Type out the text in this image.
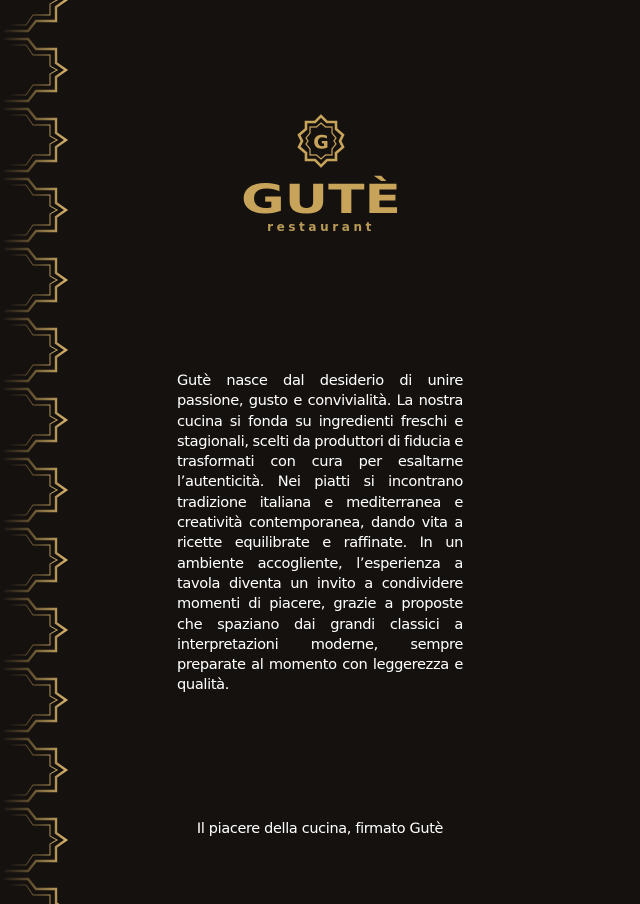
G
GUTÈ
restaurant

Gutè nasce dal desiderio di unire passione, gusto e convivialità. La nostra cucina si fonda su ingredienti freschi e stagionali, scelti da produttori di fiducia e trasformati con cura per esaltarne l’autenticità. Nei piatti si incontrano tradizione italiana e mediterranea e creatività contemporanea, dando vita a ricette equilibrate e raffinate. In un ambiente accogliente, l’esperienza a tavola diventa un invito a condividere momenti di piacere, grazie a proposte che spaziano dai grandi classici a interpretazioni moderne, sempre preparate al momento con leggerezza e qualità.

Il piacere della cucina, firmato Gutè
